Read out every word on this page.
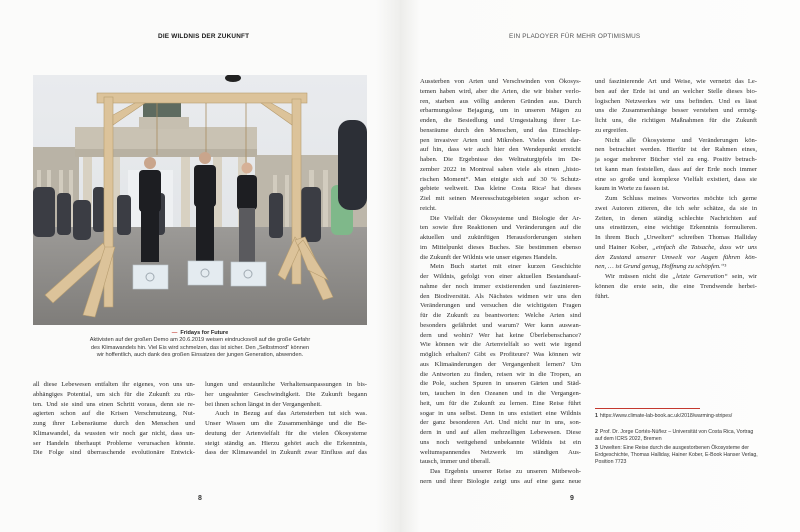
DIE WILDNIS DER ZUKUNFT
— Fridays for Future
Aktivisten auf der großen Demo am 20.6.2019 weisen eindrucksvoll auf die große Gefahr des Klimawandels hin. Viel Eis wird schmelzen, das ist sicher. Den „Selbstmord“ können wir hoffentlich, auch dank des großen Einsatzes der jungen Generation, abwenden.
all diese Lebewesen entfalten ihr eigenes, von uns un-
abhängiges Potential, um sich für die Zukunft zu rüs-
ten. Und sie sind uns einen Schritt voraus, denn sie re-
agierten schon auf die Krisen Verschmutzung, Nut-
zung ihrer Lebensräume durch den Menschen und
Klimawandel, da wussten wir noch gar nicht, dass un-
ser Handeln überhaupt Probleme verursachen könnte.
Die Folge sind überraschende evolutionäre Entwick-
lungen und erstaunliche Verhaltensanpassungen in bis-
her ungeahnter Geschwindigkeit. Die Zukunft begann
bei ihnen schon längst in der Vergangenheit.
Auch in Bezug auf das Artensterben tut sich was.
Unser Wissen um die Zusammenhänge und die Be-
deutung der Artenvielfalt für die vielen Ökosysteme
steigt ständig an. Hierzu gehört auch die Erkenntnis,
dass der Klimawandel in Zukunft zwar Einfluss auf das
8
EIN PLADOYER FÜR MEHR OPTIMISMUS
Aussterben von Arten und Verschwinden von Ökosys-
temen haben wird, aber die Arten, die wir bisher verlo-
ren, starben aus völlig anderen Gründen aus. Durch
erbarmungslose Bejagung, um in unseren Mägen zu
enden, die Besiedlung und Umgestaltung ihrer Le-
bensräume durch den Menschen, und das Einschlep-
pen invasiver Arten und Mikroben. Vieles deutet dar-
auf hin, dass wir auch hier den Wendepunkt erreicht
haben. Die Ergebnisse des Weltnaturgipfels im De-
zember 2022 in Montreal sahen viele als einen „histo-
rischen Moment“. Man einigte sich auf 30 % Schutz-
gebiete weltweit. Das kleine Costa Rica² hat dieses
Ziel mit seinen Meeresschutzgebieten sogar schon er-
reicht.
Die Vielfalt der Ökosysteme und Biologie der Ar-
ten sowie ihre Reaktionen und Veränderungen auf die
aktuellen und zukünftigen Herausforderungen stehen
im Mittelpunkt dieses Buches. Sie bestimmen ebenso
die Zukunft der Wildnis wie unser eigenes Handeln.
Mein Buch startet mit einer kurzen Geschichte
der Wildnis, gefolgt von einer aktuellen Bestandsauf-
nahme der noch immer existierenden und faszinieren-
den Biodiversität. Als Nächstes widmen wir uns den
Veränderungen und versuchen die wichtigsten Fragen
für die Zukunft zu beantworten: Welche Arten sind
besonders gefährdet und warum? Wer kann auswan-
dern und wohin? Wer hat keine Überlebenschance?
Wie können wir die Artenvielfalt so weit wie irgend
möglich erhalten? Gibt es Profiteure? Was können wir
aus Klimaänderungen der Vergangenheit lernen? Um
die Antworten zu finden, reisen wir in die Tropen, an
die Pole, suchen Spuren in unseren Gärten und Städ-
ten, tauchen in den Ozeanen und in die Vergangen-
heit, um für die Zukunft zu lernen. Eine Reise führt
sogar in uns selbst. Denn in uns existiert eine Wildnis
der ganz besonderen Art. Und nicht nur in uns, son-
dern in und auf allen mehrzelligen Lebewesen. Diese
uns noch weitgehend unbekannte Wildnis ist ein
weltumspannendes Netzwerk im ständigen Aus-
tausch, immer und überall.
Das Ergebnis unserer Reise zu unseren Mitbewoh-
nern und ihrer Biologie zeigt uns auf eine ganz neue
und faszinierende Art und Weise, wie vernetzt das Le-
ben auf der Erde ist und an welcher Stelle dieses bio-
logischen Netzwerkes wir uns befinden. Und es lässt
uns die Zusammenhänge besser verstehen und ermög-
licht uns, die richtigen Maßnahmen für die Zukunft
zu ergreifen.
Nicht alle Ökosysteme und Veränderungen kön-
nen betrachtet werden. Hierfür ist der Rahmen eines,
ja sogar mehrerer Bücher viel zu eng. Positiv betrach-
tet kann man feststellen, dass auf der Erde noch immer
eine so große und komplexe Vielfalt existiert, dass sie
kaum in Worte zu fassen ist.
Zum Schluss meines Vorwortes möchte ich gerne
zwei Autoren zitieren, die ich sehr schätze, da sie in
Zeiten, in denen ständig schlechte Nachrichten auf
uns einstürzen, eine wichtige Erkenntnis formulieren.
In ihrem Buch „Urwelten“ schreiben Thomas Halliday
und Hainer Kober, „einfach die Tatsache, dass wir uns
den Zustand unserer Umwelt vor Augen führen kön-
nen, … ist Grund genug, Hoffnung zu schöpfen.“³
Wir müssen nicht die „letzte Generation“ sein, wir
können die erste sein, die eine Trendwende herbei-
führt.
1 https://www.climate-lab-book.ac.uk/2018/warming-stripes/
2 Prof. Dr. Jorge Cortés-Núñez – Universität von Costa Rica, Vortrag auf dem ICRS 2022, Bremen
3 Urwelten: Eine Reise durch die ausgestorbenen Ökosysteme der Erdgeschichte, Thomas Halliday, Hainer Kober, E-Book Hanser Verlag, Position 7723
9
